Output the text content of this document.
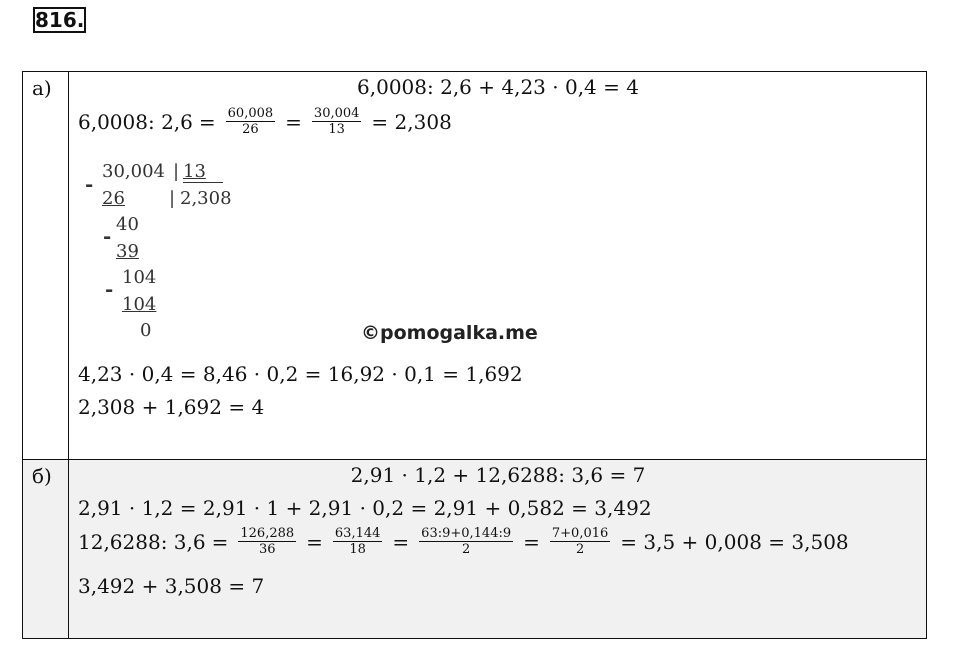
816.
а)	6,0008: 2,6 + 4,23 · 0,4 = 4
6,0008: $2,6 = \frac{60,008}{26} = \frac{30,004}{13} = 2,308$
-
30,004 | 13
26 | 2,308
- 40
39
- 104
104
0
4,23 · 0,4 = 8,46 · 0,2 = 16,92 · 0,1 = 1,692
2,308 + 1,692 = 4
б)	2,91 · 1,2 + 12,6288: 3,6 = 7
2,91 · 1,2 = 2,91 · 1 + 2,91 · 0,2 = 2,91 + 0,582 = 3,492
12,6288: $3,6 = \frac{126,288}{36} = \frac{63,144}{18} = \frac{63:9+0,144:9}{2} = \frac{7+0,016}{2} = 3,5 + 0,008 = 3,508$
3,492 + 3,508 = 7
©pomogalka.me
